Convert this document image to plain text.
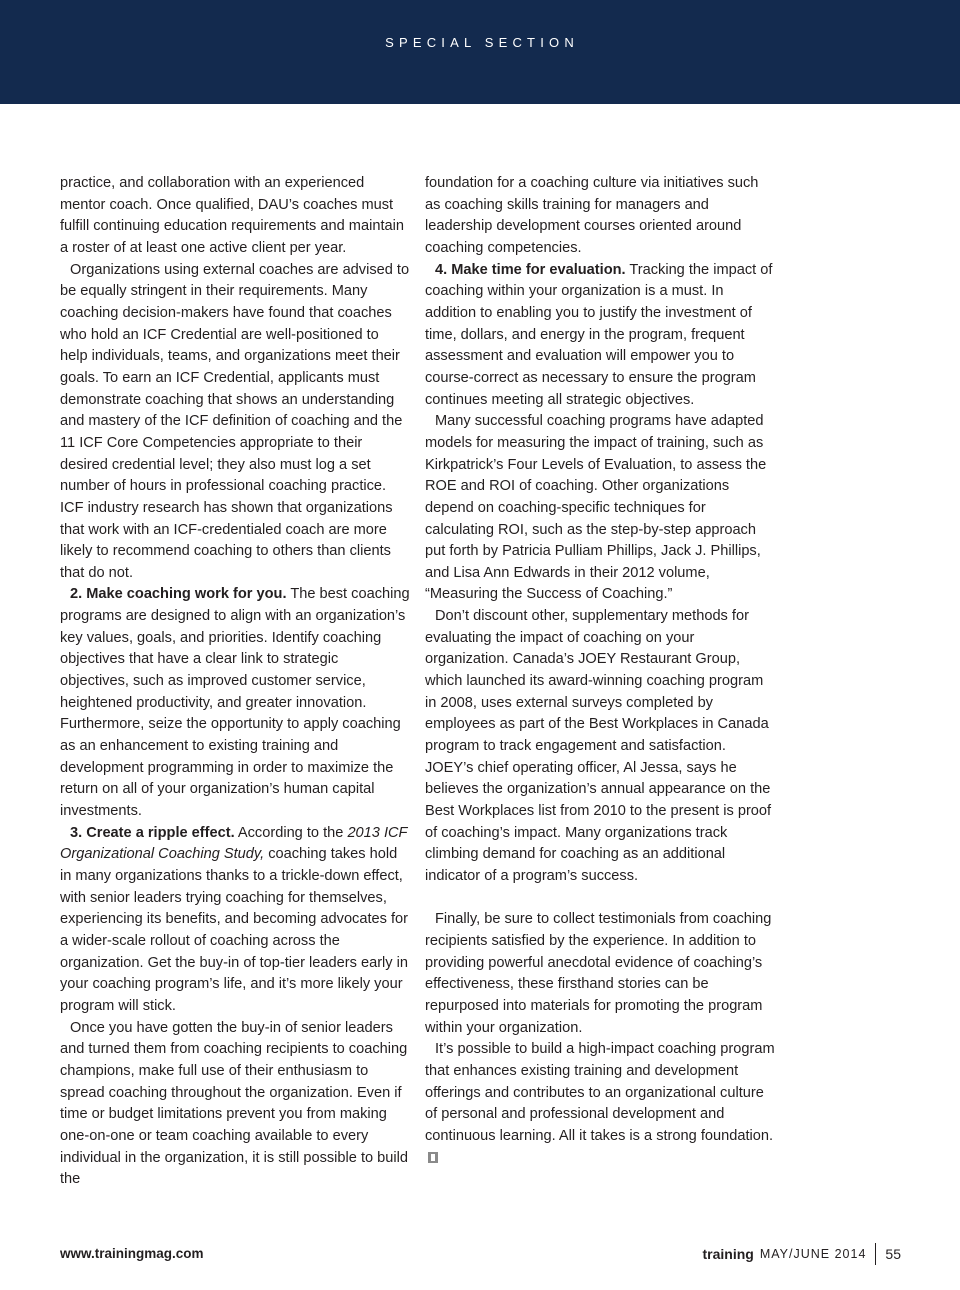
SPECIAL SECTION

practice, and collaboration with an experienced mentor coach. Once qualified, DAU’s coaches must fulfill continuing education requirements and maintain a roster of at least one active client per year.

Organizations using external coaches are advised to be equally stringent in their requirements. Many coaching decision-makers have found that coaches who hold an ICF Credential are well-positioned to help individuals, teams, and organizations meet their goals. To earn an ICF Credential, applicants must demonstrate coaching that shows an understanding and mastery of the ICF definition of coaching and the 11 ICF Core Competencies appropriate to their desired credential level; they also must log a set number of hours in professional coaching practice. ICF industry research has shown that organizations that work with an ICF-credentialed coach are more likely to recommend coaching to others than clients that do not.

2. Make coaching work for you. The best coaching programs are designed to align with an organization’s key values, goals, and priorities. Identify coaching objectives that have a clear link to strategic objectives, such as improved customer service, heightened productivity, and greater innovation. Furthermore, seize the opportunity to apply coaching as an enhancement to existing training and development programming in order to maximize the return on all of your organization’s human capital investments.

3. Create a ripple effect. According to the 2013 ICF Organizational Coaching Study, coaching takes hold in many organizations thanks to a trickle-down effect, with senior leaders trying coaching for themselves, experiencing its benefits, and becoming advocates for a wider-scale rollout of coaching across the organization. Get the buy-in of top-tier leaders early in your coaching program’s life, and it’s more likely your program will stick.

Once you have gotten the buy-in of senior leaders and turned them from coaching recipients to coaching champions, make full use of their enthusiasm to spread coaching throughout the organization. Even if time or budget limitations prevent you from making one-on-one or team coaching available to every individual in the organization, it is still possible to build the

foundation for a coaching culture via initiatives such as coaching skills training for managers and leadership development courses oriented around coaching competencies.

4. Make time for evaluation. Tracking the impact of coaching within your organization is a must. In addition to enabling you to justify the investment of time, dollars, and energy in the program, frequent assessment and evaluation will empower you to course-correct as necessary to ensure the program continues meeting all strategic objectives.

Many successful coaching programs have adapted models for measuring the impact of training, such as Kirkpatrick’s Four Levels of Evaluation, to assess the ROE and ROI of coaching. Other organizations depend on coaching-specific techniques for calculating ROI, such as the step-by-step approach put forth by Patricia Pulliam Phillips, Jack J. Phillips, and Lisa Ann Edwards in their 2012 volume, “Measuring the Success of Coaching.”

Don’t discount other, supplementary methods for evaluating the impact of coaching on your organization. Canada’s JOEY Restaurant Group, which launched its award-winning coaching program in 2008, uses external surveys completed by employees as part of the Best Workplaces in Canada program to track engagement and satisfaction. JOEY’s chief operating officer, Al Jessa, says he believes the organization’s annual appearance on the Best Workplaces list from 2010 to the present is proof of coaching’s impact. Many organizations track climbing demand for coaching as an additional indicator of a program’s success.

Finally, be sure to collect testimonials from coaching recipients satisfied by the experience. In addition to providing powerful anecdotal evidence of coaching’s effectiveness, these firsthand stories can be repurposed into materials for promoting the program within your organization.

It’s possible to build a high-impact coaching program that enhances existing training and development offerings and contributes to an organizational culture of personal and professional development and continuous learning. All it takes is a strong foundation.

www.trainingmag.com	training MAY/JUNE 2014 55
